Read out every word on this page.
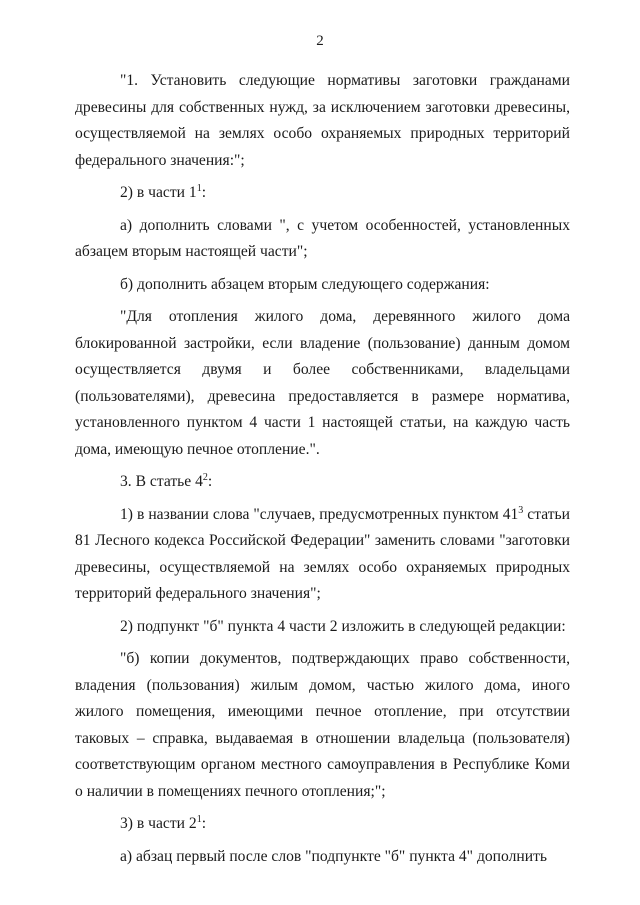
2

"1. Установить следующие нормативы заготовки гражданами древесины для собственных нужд, за исключением заготовки древесины, осуществляемой на землях особо охраняемых природных территорий федерального значения:";

2) в части $1^1$:

а) дополнить словами ", с учетом особенностей, установленных абзацем вторым настоящей части";

б) дополнить абзацем вторым следующего содержания:

"Для отопления жилого дома, деревянного жилого дома блокированной застройки, если владение (пользование) данным домом осуществляется двумя и более собственниками, владельцами (пользователями), древесина предоставляется в размере норматива, установленного пунктом 4 части 1 настоящей статьи, на каждую часть дома, имеющую печное отопление.".

3. В статье $4^2$:

1) в названии слова "случаев, предусмотренных пунктом $41^3$ статьи 81 Лесного кодекса Российской Федерации" заменить словами "заготовки древесины, осуществляемой на землях особо охраняемых природных территорий федерального значения";

2) подпункт "б" пункта 4 части 2 изложить в следующей редакции:

"б) копии документов, подтверждающих право собственности, владения (пользования) жилым домом, частью жилого дома, иного жилого помещения, имеющими печное отопление, при отсутствии таковых – справка, выдаваемая в отношении владельца (пользователя) соответствующим органом местного самоуправления в Республике Коми о наличии в помещениях печного отопления;";

3) в части $2^1$:

а) абзац первый после слов "подпункте "б" пункта 4" дополнить
